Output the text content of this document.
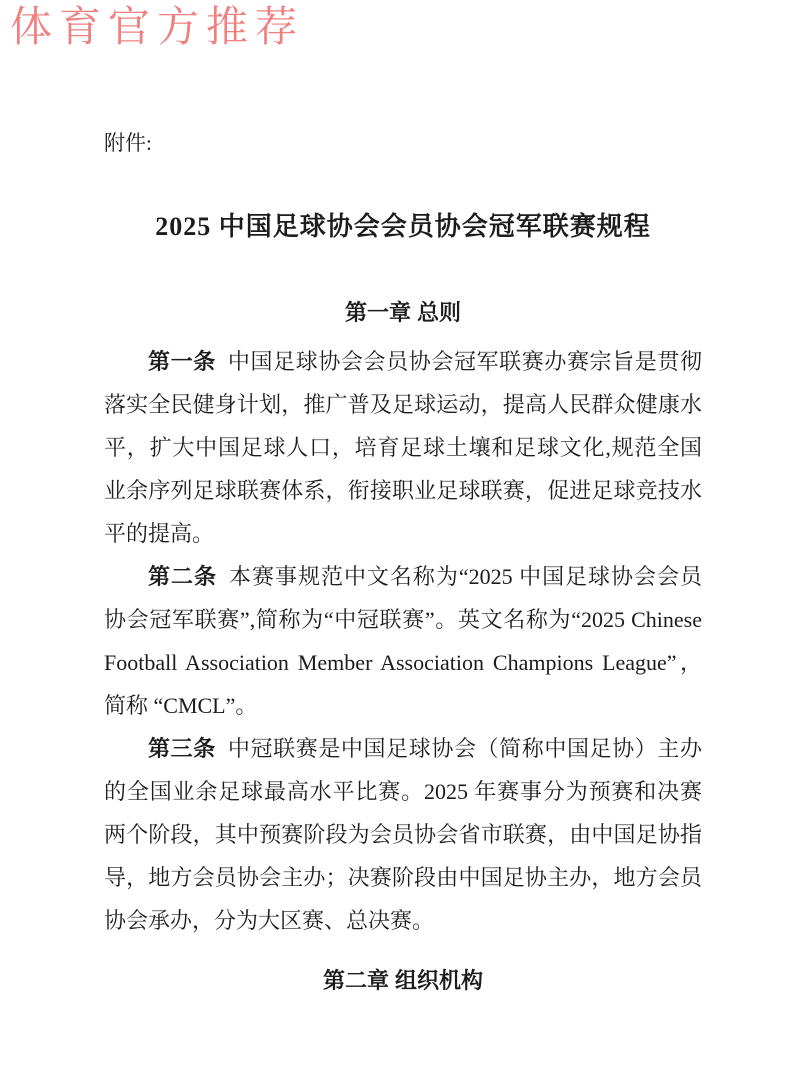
体育官方推荐
附件:
2025 中国足球协会会员协会冠军联赛规程
第一章 总则

第一条 中国足球协会会员协会冠军联赛办赛宗旨是贯彻落实全民健身计划，推广普及足球运动，提高人民群众健康水平，扩大中国足球人口，培育足球土壤和足球文化,规范全国业余序列足球联赛体系，衔接职业足球联赛，促进足球竞技水平的提高。

第二条 本赛事规范中文名称为“2025 中国足球协会会员协会冠军联赛”,简称为“中冠联赛”。英文名称为“2025 Chinese Football Association Member Association Champions League”，简称 “CMCL”。

第三条 中冠联赛是中国足球协会（简称中国足协）主办的全国业余足球最高水平比赛。2025 年赛事分为预赛和决赛两个阶段，其中预赛阶段为会员协会省市联赛，由中国足协指导，地方会员协会主办；决赛阶段由中国足协主办，地方会员协会承办，分为大区赛、总决赛。

第二章 组织机构
